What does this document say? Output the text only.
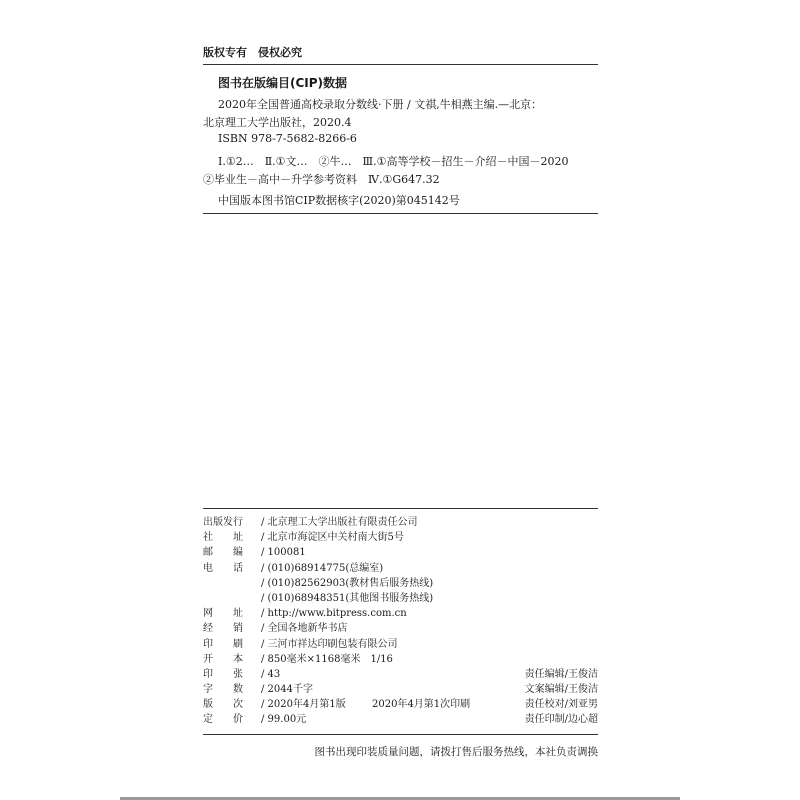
版权专有　侵权必究
图书在版编目(CIP)数据
2020年全国普通高校录取分数线·下册 / 文祺,牛相燕主编.—北京：
北京理工大学出版社，2020.4
ISBN 978-7-5682-8266-6
Ⅰ.①2…　Ⅱ.①文…　②牛…　Ⅲ.①高等学校－招生－介绍－中国－2020
②毕业生－高中－升学参考资料　Ⅳ.①G647.32
中国版本图书馆CIP数据核字(2020)第045142号
出版发行 / 北京理工大学出版社有限责任公司
社　　址 / 北京市海淀区中关村南大街5号
邮　　编 / 100081
电　　话 / (010)68914775(总编室)
/ (010)82562903(教材售后服务热线)
/ (010)68948351(其他图书服务热线)
网　　址 / http://www.bitpress.com.cn
经　　销 / 全国各地新华书店
印　　刷 / 三河市祥达印刷包装有限公司
开　　本 / 850毫米×1168毫米　1/16
印　　张 / 43	责任编辑/王俊洁
字　　数 / 2044千字	文案编辑/王俊洁
版　　次 / 2020年4月第1版	2020年4月第1次印刷	责任校对/刘亚男
定　　价 / 99.00元	责任印制/边心超
图书出现印装质量问题，请拨打售后服务热线，本社负责调换
